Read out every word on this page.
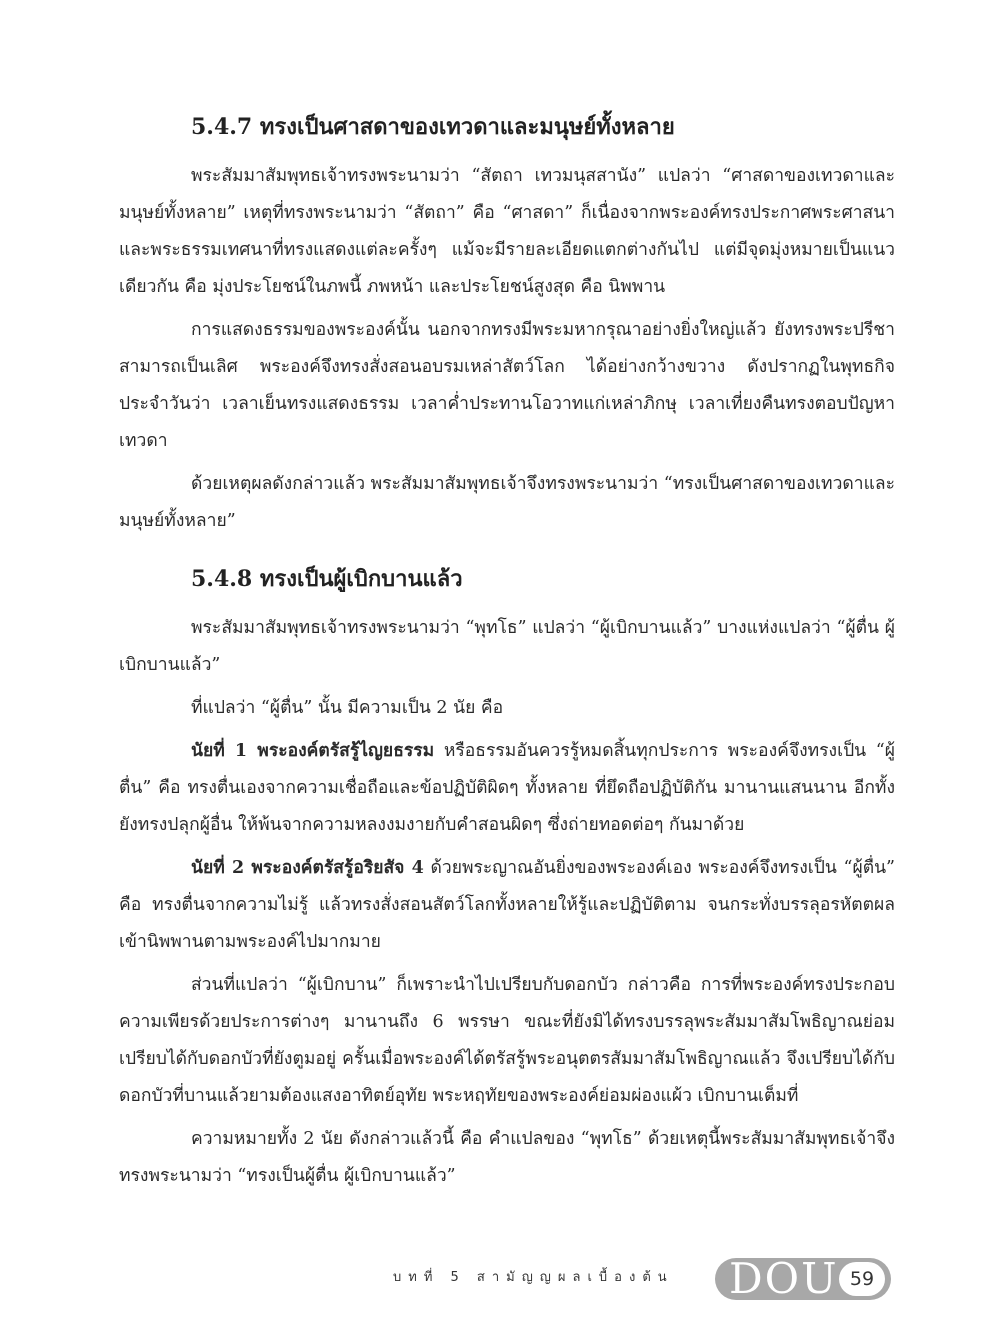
5.4.7 ทรงเป็นศาสดาของเทวดาและมนุษย์ทั้งหลาย

พระสัมมาสัมพุทธเจ้าทรงพระนามว่า “สัตถา เทวมนุสสานัง” แปลว่า “ศาสดาของเทวดาและมนุษย์ทั้งหลาย” เหตุที่ทรงพระนามว่า “สัตถา” คือ “ศาสดา” ก็เนื่องจากพระองค์ทรงประกาศพระศาสนาและพระธรรมเทศนาที่ทรงแสดงแต่ละครั้งๆ แม้จะมีรายละเอียดแตกต่างกันไป แต่มีจุดมุ่งหมายเป็นแนวเดียวกัน คือ มุ่งประโยชน์ในภพนี้ ภพหน้า และประโยชน์สูงสุด คือ นิพพาน

การแสดงธรรมของพระองค์นั้น นอกจากทรงมีพระมหากรุณาอย่างยิ่งใหญ่แล้ว ยังทรงพระปรีชาสามารถเป็นเลิศ พระองค์จึงทรงสั่งสอนอบรมเหล่าสัตว์โลก ได้อย่างกว้างขวาง ดังปรากฏในพุทธกิจประจำวันว่า เวลาเย็นทรงแสดงธรรม เวลาค่ำประทานโอวาทแก่เหล่าภิกษุ เวลาเที่ยงคืนทรงตอบปัญหาเทวดา

ด้วยเหตุผลดังกล่าวแล้ว พระสัมมาสัมพุทธเจ้าจึงทรงพระนามว่า “ทรงเป็นศาสดาของเทวดาและมนุษย์ทั้งหลาย”

5.4.8 ทรงเป็นผู้เบิกบานแล้ว

พระสัมมาสัมพุทธเจ้าทรงพระนามว่า “พุทโธ” แปลว่า “ผู้เบิกบานแล้ว” บางแห่งแปลว่า “ผู้ตื่น ผู้เบิกบานแล้ว”

ที่แปลว่า “ผู้ตื่น” นั้น มีความเป็น 2 นัย คือ

นัยที่ 1 พระองค์ตรัสรู้ไญยธรรม หรือธรรมอันควรรู้หมดสิ้นทุกประการ พระองค์จึงทรงเป็น “ผู้ตื่น” คือ ทรงตื่นเองจากความเชื่อถือและข้อปฏิบัติผิดๆ ทั้งหลาย ที่ยึดถือปฏิบัติกัน มานานแสนนาน อีกทั้งยังทรงปลุกผู้อื่น ให้พ้นจากความหลงงมงายกับคำสอนผิดๆ ซึ่งถ่ายทอดต่อๆ กันมาด้วย

นัยที่ 2 พระองค์ตรัสรู้อริยสัจ 4 ด้วยพระญาณอันยิ่งของพระองค์เอง พระองค์จึงทรงเป็น “ผู้ตื่น” คือ ทรงตื่นจากความไม่รู้ แล้วทรงสั่งสอนสัตว์โลกทั้งหลายให้รู้และปฏิบัติตาม จนกระทั่งบรรลุอรหัตตผล เข้านิพพานตามพระองค์ไปมากมาย

ส่วนที่แปลว่า “ผู้เบิกบาน” ก็เพราะนำไปเปรียบกับดอกบัว กล่าวคือ การที่พระองค์ทรงประกอบความเพียรด้วยประการต่างๆ มานานถึง 6 พรรษา ขณะที่ยังมิได้ทรงบรรลุพระสัมมาสัมโพธิญาณย่อมเปรียบได้กับดอกบัวที่ยังตูมอยู่ ครั้นเมื่อพระองค์ได้ตรัสรู้พระอนุตตรสัมมาสัมโพธิญาณแล้ว จึงเปรียบได้กับดอกบัวที่บานแล้วยามต้องแสงอาทิตย์อุทัย พระหฤทัยของพระองค์ย่อมผ่องแผ้ว เบิกบานเต็มที่

ความหมายทั้ง 2 นัย ดังกล่าวแล้วนี้ คือ คำแปลของ “พุทโธ” ด้วยเหตุนี้พระสัมมาสัมพุทธเจ้าจึงทรงพระนามว่า “ทรงเป็นผู้ตื่น ผู้เบิกบานแล้ว”

บทที่ 5 สามัญญผลเบื้องต้น DOU 59
